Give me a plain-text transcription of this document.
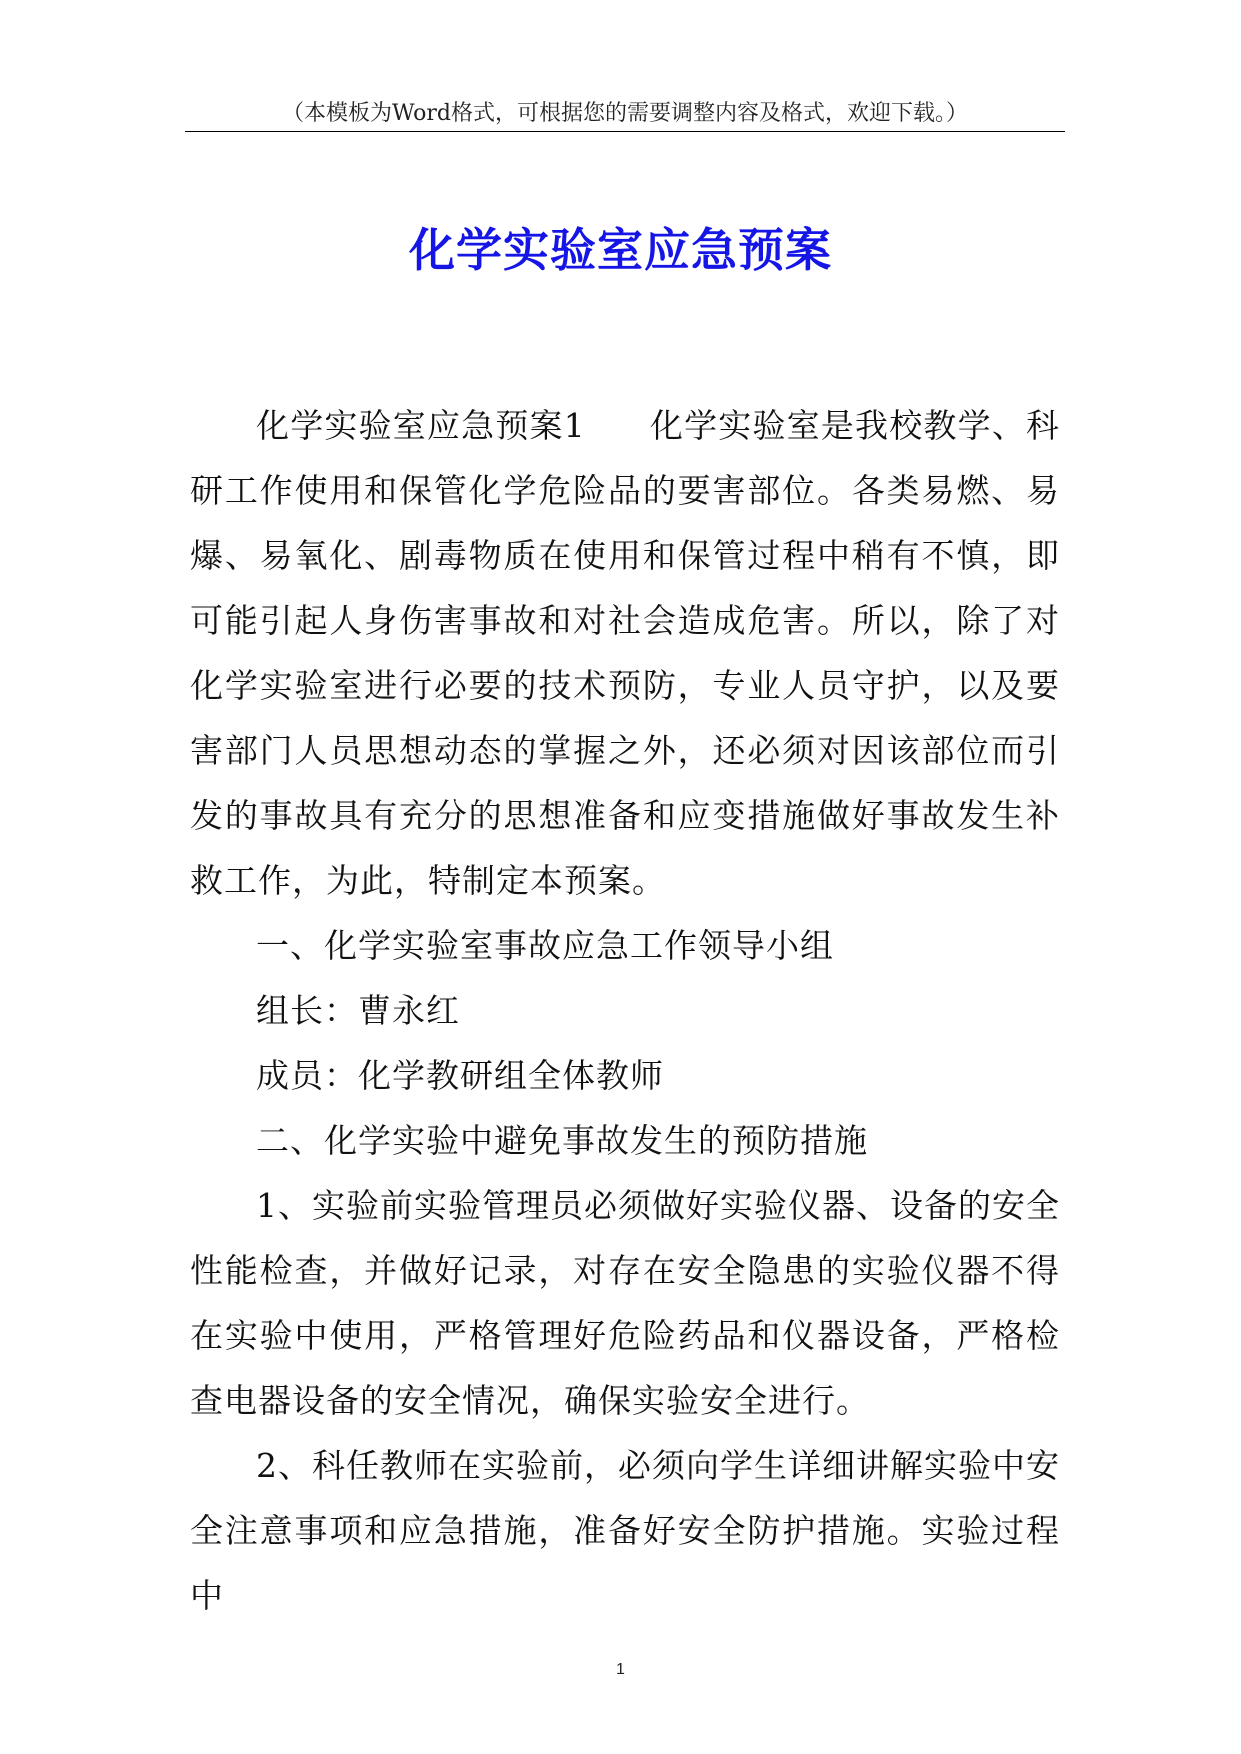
（本模板为Word格式，可根据您的需要调整内容及格式，欢迎下载。）
化学实验室应急预案

化学实验室应急预案1 化学实验室是我校教学、科研工作使用和保管化学危险品的要害部位。各类易燃、易爆、易氧化、剧毒物质在使用和保管过程中稍有不慎，即可能引起人身伤害事故和对社会造成危害。所以，除了对化学实验室进行必要的技术预防，专业人员守护，以及要害部门人员思想动态的掌握之外，还必须对因该部位而引发的事故具有充分的思想准备和应变措施做好事故发生补救工作，为此，特制定本预案。

一、化学实验室事故应急工作领导小组

组长：曹永红

成员：化学教研组全体教师

二、化学实验中避免事故发生的预防措施

1、实验前实验管理员必须做好实验仪器、设备的安全性能检查，并做好记录，对存在安全隐患的实验仪器不得在实验中使用，严格管理好危险药品和仪器设备，严格检查电器设备的安全情况，确保实验安全进行。

2、科任教师在实验前，必须向学生详细讲解实验中安全注意事项和应急措施，准备好安全防护措施。实验过程中

1
